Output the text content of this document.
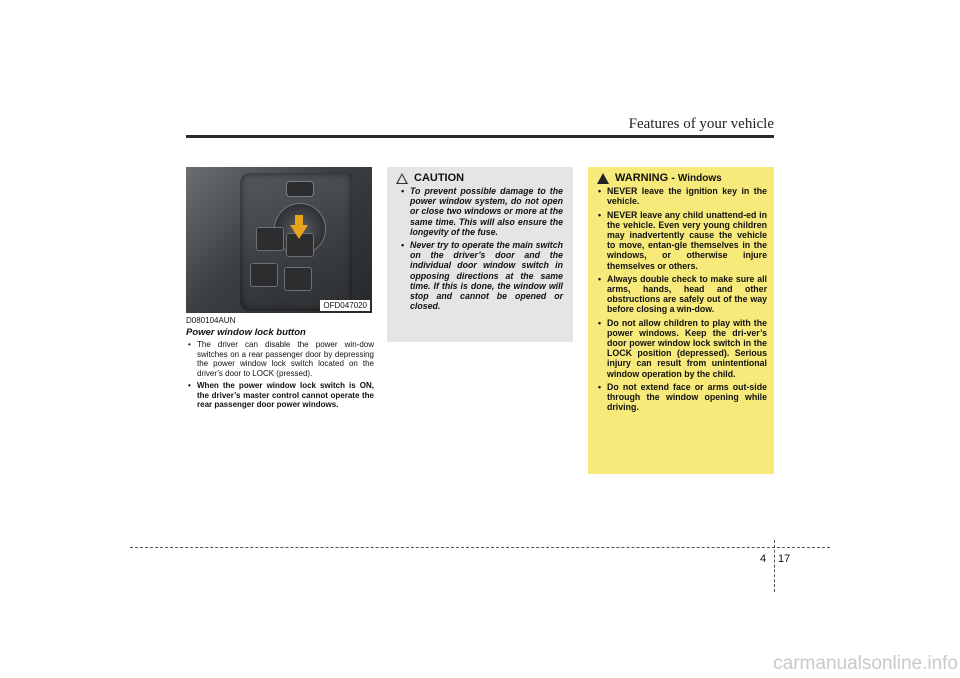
Features of your vehicle
OFD047020
D080104AUN
Power window lock button
• The driver can disable the power win-dow switches on a rear passenger door by depressing the power window lock switch located on the driver’s door to LOCK (pressed).
• When the power window lock switch is ON, the driver’s master control cannot operate the rear passenger door power windows.
CAUTION
• To prevent possible damage to the power window system, do not open or close two windows or more at the same time. This will also ensure the longevity of the fuse.
• Never try to operate the main switch on the driver’s door and the individual door window switch in opposing directions at the same time. If this is done, the window will stop and cannot be opened or closed.
WARNING - Windows
• NEVER leave the ignition key in the vehicle.
• NEVER leave any child unattend-ed in the vehicle. Even very young children may inadvertently cause the vehicle to move, entan-gle themselves in the windows, or otherwise injure themselves or others.
• Always double check to make sure all arms, hands, head and other obstructions are safely out of the way before closing a win-dow.
• Do not allow children to play with the power windows. Keep the dri-ver’s door power window lock switch in the LOCK position (depressed). Serious injury can result from unintentional window operation by the child.
• Do not extend face or arms out-side through the window opening while driving.
4 17
carmanualsonline.info
